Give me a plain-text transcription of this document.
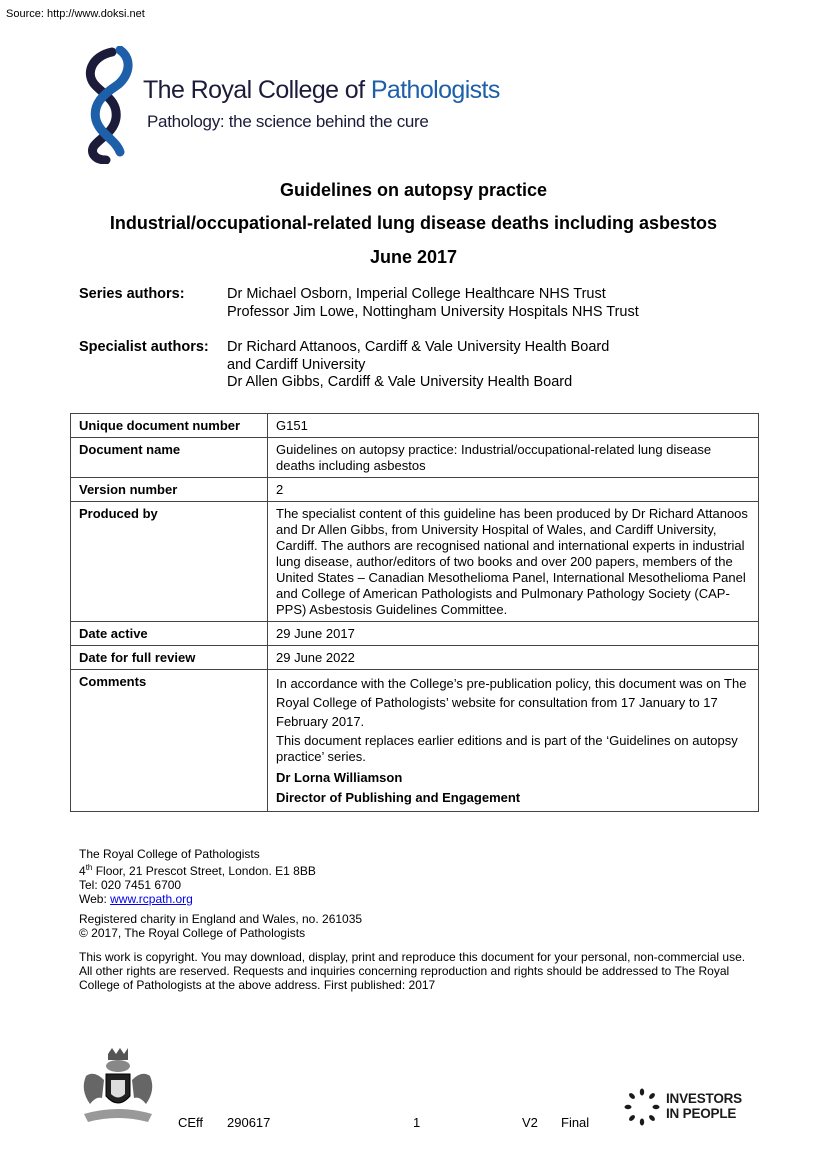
Source: http://www.doksi.net
The Royal College of Pathologists
Pathology: the science behind the cure
Guidelines on autopsy practice
Industrial/occupational-related lung disease deaths including asbestos
June 2017
Series authors:	Dr Michael Osborn, Imperial College Healthcare NHS Trust
Professor Jim Lowe, Nottingham University Hospitals NHS Trust
Specialist authors: Dr Richard Attanoos, Cardiff & Vale University Health Board
and Cardiff University
Dr Allen Gibbs, Cardiff & Vale University Health Board
Unique document number	G151
Document name	Guidelines on autopsy practice: Industrial/occupational-related lung disease deaths including asbestos
Version number	2
Produced by	The specialist content of this guideline has been produced by Dr Richard Attanoos and Dr Allen Gibbs, from University Hospital of Wales, and Cardiff University, Cardiff. The authors are recognised national and international experts in industrial lung disease, author/editors of two books and over 200 papers, members of the United States – Canadian Mesothelioma Panel, International Mesothelioma Panel and College of American Pathologists and Pulmonary Pathology Society (CAP-PPS) Asbestosis Guidelines Committee.
Date active	29 June 2017
Date for full review	29 June 2022
Comments	In accordance with the College’s pre-publication policy, this document was on The Royal College of Pathologists’ website for consultation from 17 January to 17 February 2017.

This document replaces earlier editions and is part of the ‘Guidelines on autopsy practice’ series.

Dr Lorna Williamson

Director of Publishing and Engagement

The Royal College of Pathologists
4th Floor, 21 Prescot Street, London. E1 8BB
Tel: 020 7451 6700
Web: www.rcpath.org
Registered charity in England and Wales, no. 261035
© 2017, The Royal College of Pathologists
This work is copyright. You may download, display, print and reproduce this document for your personal, non-commercial use. All other rights are reserved. Requests and inquiries concerning reproduction and rights should be addressed to The Royal College of Pathologists at the above address. First published: 2017
CEff 290617	1	V2 Final
INVESTORS
IN PEOPLE
